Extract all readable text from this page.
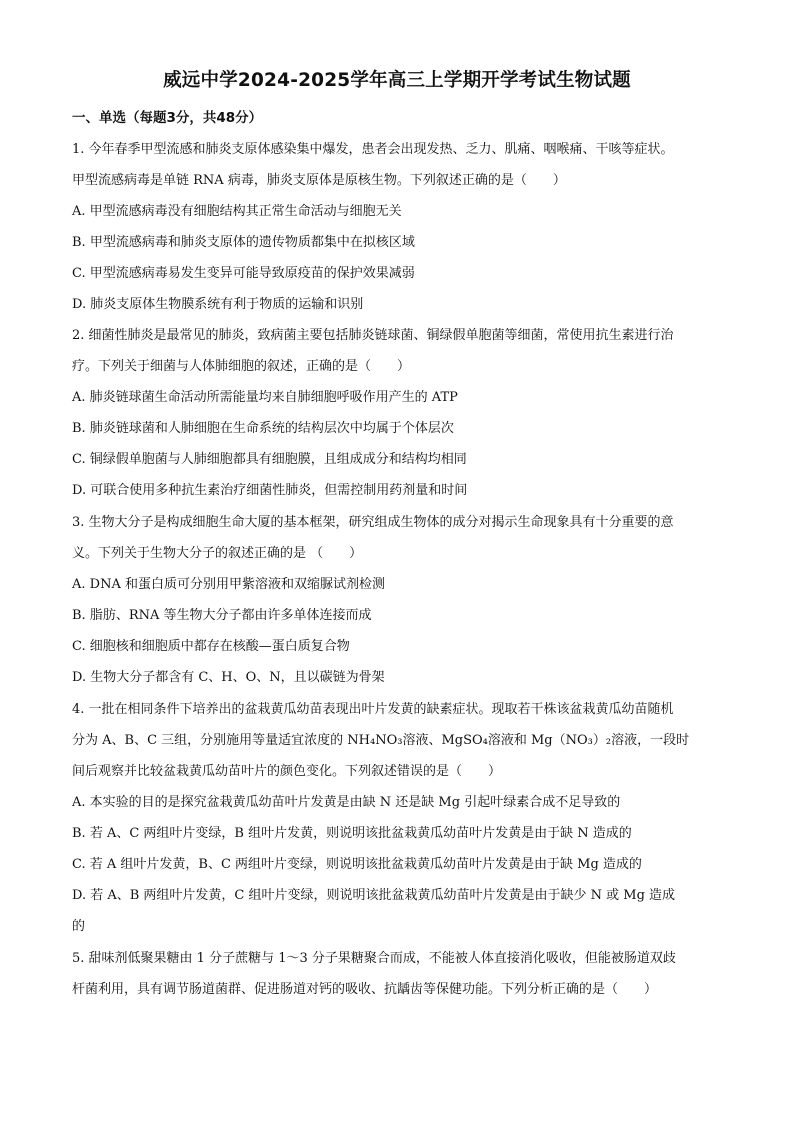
威远中学2024-2025学年高三上学期开学考试生物试题
一、单选（每题3分，共48分）
1. 今年春季甲型流感和肺炎支原体感染集中爆发，患者会出现发热、乏力、肌痛、咽喉痛、干咳等症状。
甲型流感病毒是单链 RNA 病毒，肺炎支原体是原核生物。下列叙述正确的是（　　）
A. 甲型流感病毒没有细胞结构其正常生命活动与细胞无关
B. 甲型流感病毒和肺炎支原体的遗传物质都集中在拟核区域
C. 甲型流感病毒易发生变异可能导致原疫苗的保护效果减弱
D. 肺炎支原体生物膜系统有利于物质的运输和识别
2. 细菌性肺炎是最常见的肺炎，致病菌主要包括肺炎链球菌、铜绿假单胞菌等细菌，常使用抗生素进行治
疗。下列关于细菌与人体肺细胞的叙述，正确的是（　　）
A. 肺炎链球菌生命活动所需能量均来自肺细胞呼吸作用产生的 ATP
B. 肺炎链球菌和人肺细胞在生命系统的结构层次中均属于个体层次
C. 铜绿假单胞菌与人肺细胞都具有细胞膜，且组成成分和结构均相同
D. 可联合使用多种抗生素治疗细菌性肺炎，但需控制用药剂量和时间
3. 生物大分子是构成细胞生命大厦的基本框架，研究组成生物体的成分对揭示生命现象具有十分重要的意
义。下列关于生物大分子的叙述正确的是 （　　）
A. DNA 和蛋白质可分别用甲紫溶液和双缩脲试剂检测
B. 脂肪、RNA 等生物大分子都由许多单体连接而成
C. 细胞核和细胞质中都存在核酸—蛋白质复合物
D. 生物大分子都含有 C、H、O、N，且以碳链为骨架
4. 一批在相同条件下培养出的盆栽黄瓜幼苗表现出叶片发黄的缺素症状。现取若干株该盆栽黄瓜幼苗随机
分为 A、B、C 三组，分别施用等量适宜浓度的 NH₄NO₃溶液、MgSO₄溶液和 Mg（NO₃）₂溶液，一段时
间后观察并比较盆栽黄瓜幼苗叶片的颜色变化。下列叙述错误的是（　　）
A. 本实验的目的是探究盆栽黄瓜幼苗叶片发黄是由缺 N 还是缺 Mg 引起叶绿素合成不足导致的
B. 若 A、C 两组叶片变绿，B 组叶片发黄，则说明该批盆栽黄瓜幼苗叶片发黄是由于缺 N 造成的
C. 若 A 组叶片发黄，B、C 两组叶片变绿，则说明该批盆栽黄瓜幼苗叶片发黄是由于缺 Mg 造成的
D. 若 A、B 两组叶片发黄，C 组叶片变绿，则说明该批盆栽黄瓜幼苗叶片发黄是由于缺少 N 或 Mg 造成
的
5. 甜味剂低聚果糖由 1 分子蔗糖与 1～3 分子果糖聚合而成，不能被人体直接消化吸收，但能被肠道双歧
杆菌利用，具有调节肠道菌群、促进肠道对钙的吸收、抗龋齿等保健功能。下列分析正确的是（　　）
